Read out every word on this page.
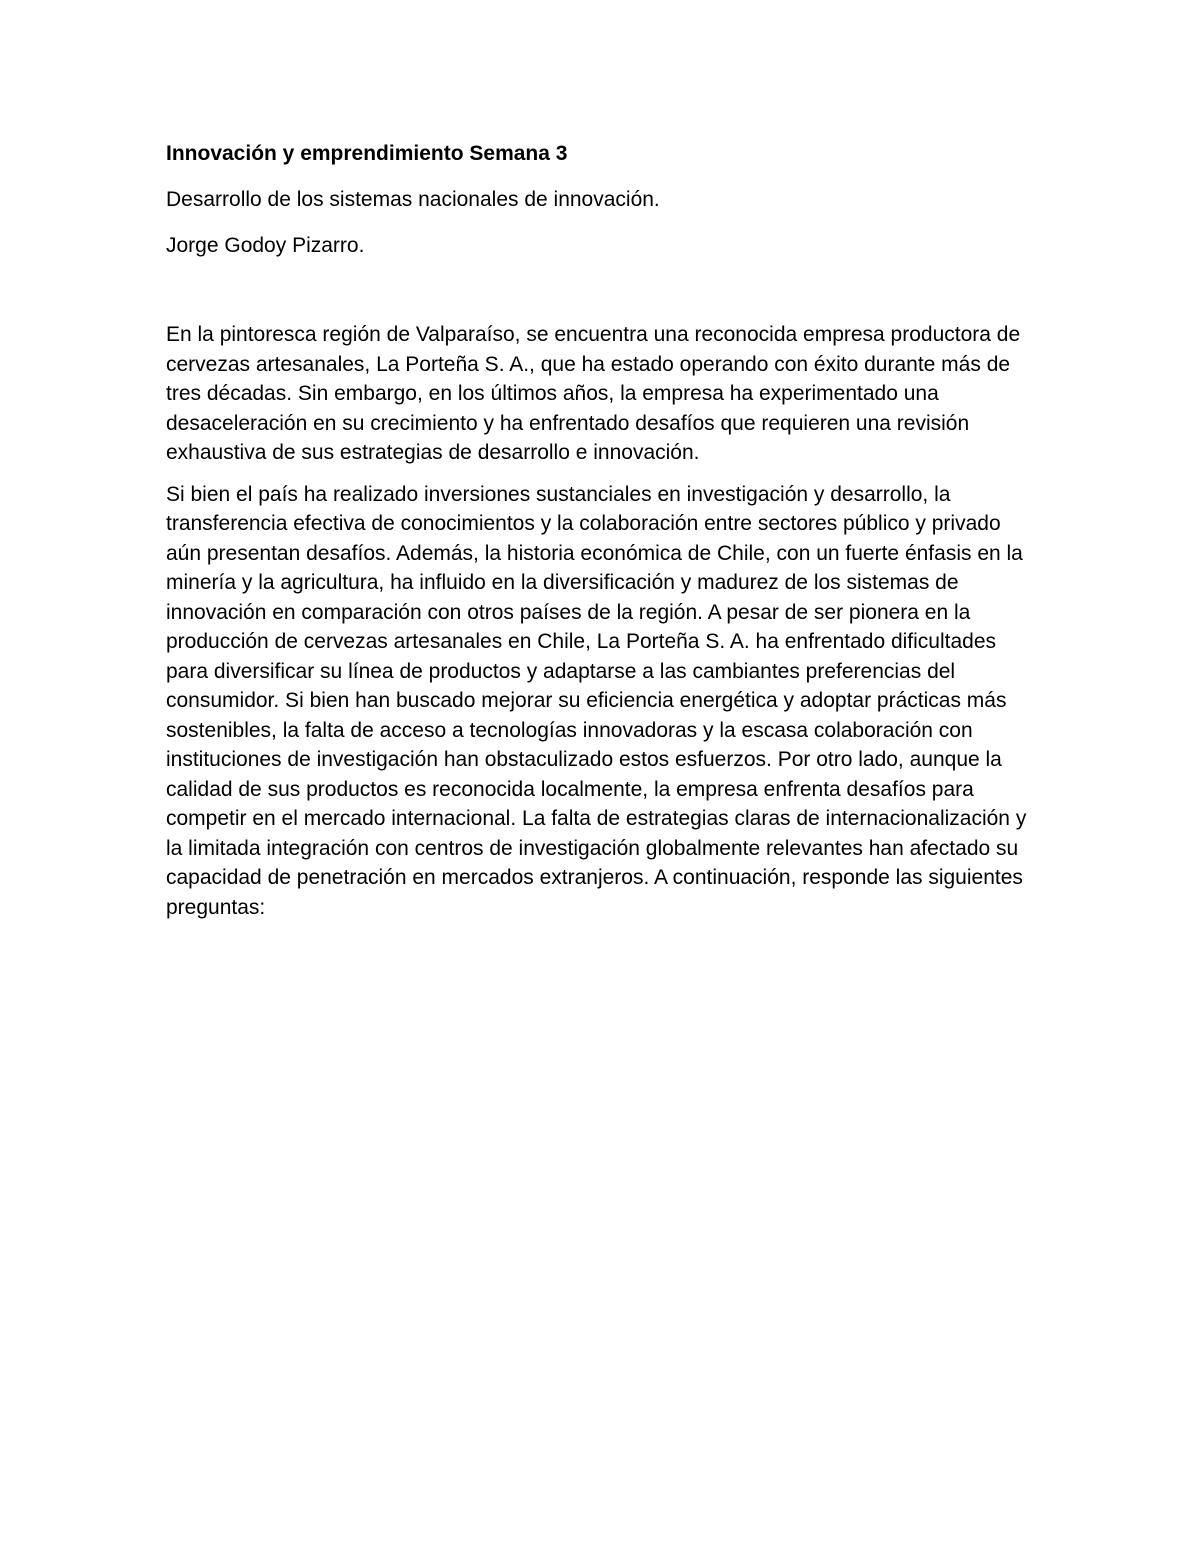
Innovación y emprendimiento Semana 3
Desarrollo de los sistemas nacionales de innovación.
Jorge Godoy Pizarro.

En la pintoresca región de Valparaíso, se encuentra una reconocida empresa productora de cervezas artesanales, La Porteña S. A., que ha estado operando con éxito durante más de tres décadas. Sin embargo, en los últimos años, la empresa ha experimentado una desaceleración en su crecimiento y ha enfrentado desafíos que requieren una revisión exhaustiva de sus estrategias de desarrollo e innovación.

Si bien el país ha realizado inversiones sustanciales en investigación y desarrollo, la transferencia efectiva de conocimientos y la colaboración entre sectores público y privado aún presentan desafíos. Además, la historia económica de Chile, con un fuerte énfasis en la minería y la agricultura, ha influido en la diversificación y madurez de los sistemas de innovación en comparación con otros países de la región. A pesar de ser pionera en la producción de cervezas artesanales en Chile, La Porteña S. A. ha enfrentado dificultades para diversificar su línea de productos y adaptarse a las cambiantes preferencias del consumidor. Si bien han buscado mejorar su eficiencia energética y adoptar prácticas más sostenibles, la falta de acceso a tecnologías innovadoras y la escasa colaboración con instituciones de investigación han obstaculizado estos esfuerzos. Por otro lado, aunque la calidad de sus productos es reconocida localmente, la empresa enfrenta desafíos para competir en el mercado internacional. La falta de estrategias claras de internacionalización y la limitada integración con centros de investigación globalmente relevantes han afectado su capacidad de penetración en mercados extranjeros. A continuación, responde las siguientes preguntas:
